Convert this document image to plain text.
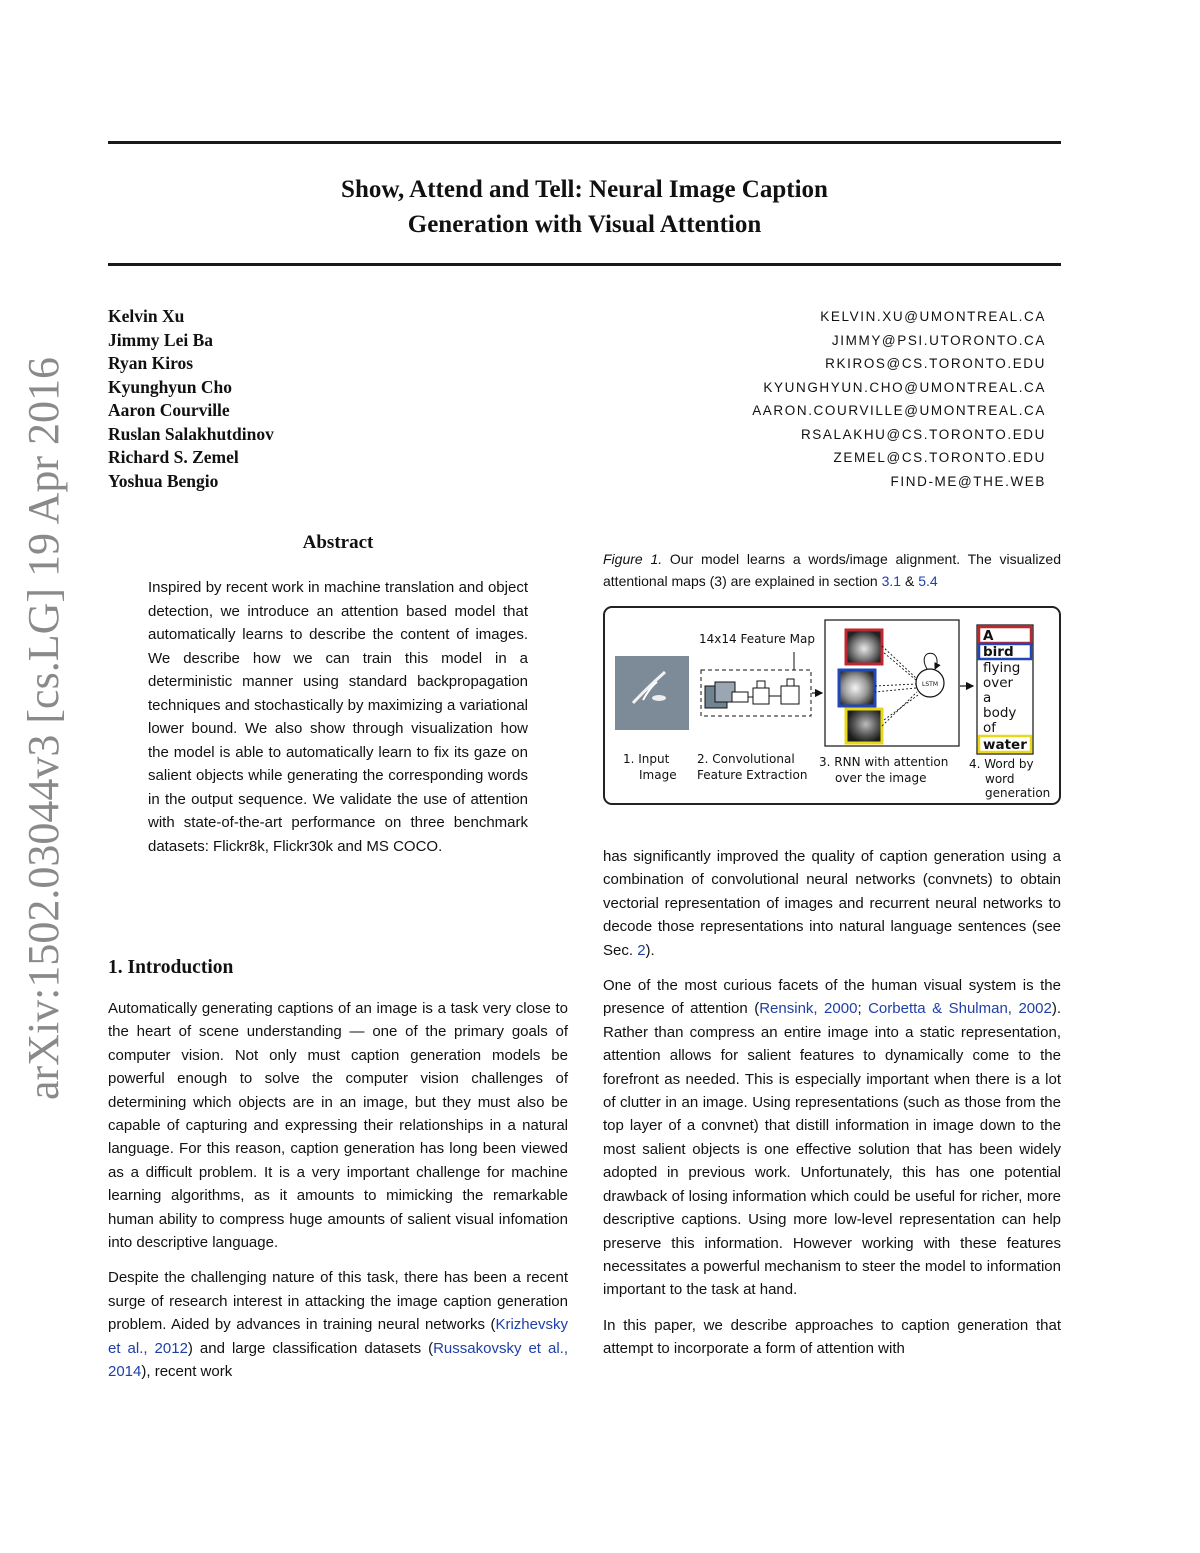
Show, Attend and Tell: Neural Image Caption
Generation with Visual Attention
arXiv:1502.03044v3 [cs.LG] 19 Apr 2016
Kelvin Xu	KELVIN.XU@UMONTREAL.CA
Jimmy Lei Ba	JIMMY@PSI.UTORONTO.CA
Ryan Kiros	RKIROS@CS.TORONTO.EDU
Kyunghyun Cho	KYUNGHYUN.CHO@UMONTREAL.CA
Aaron Courville	AARON.COURVILLE@UMONTREAL.CA
Ruslan Salakhutdinov	RSALAKHU@CS.TORONTO.EDU
Richard S. Zemel	ZEMEL@CS.TORONTO.EDU
Yoshua Bengio	FIND-ME@THE.WEB
Abstract
Inspired by recent work in machine translation and object detection, we introduce an attention based model that automatically learns to describe the content of images. We describe how we can train this model in a deterministic manner using standard backpropagation techniques and stochastically by maximizing a variational lower bound. We also show through visualization how the model is able to automatically learn to fix its gaze on salient objects while generating the corresponding words in the output sequence. We validate the use of attention with state-of-the-art performance on three benchmark datasets: Flickr8k, Flickr30k and MS COCO.
1. Introduction

Automatically generating captions of an image is a task very close to the heart of scene understanding — one of the primary goals of computer vision. Not only must caption generation models be powerful enough to solve the computer vision challenges of determining which objects are in an image, but they must also be capable of capturing and expressing their relationships in a natural language. For this reason, caption generation has long been viewed as a difficult problem. It is a very important challenge for machine learning algorithms, as it amounts to mimicking the remarkable human ability to compress huge amounts of salient visual infomation into descriptive language.

Despite the challenging nature of this task, there has been a recent surge of research interest in attacking the image caption generation problem. Aided by advances in training neural networks (Krizhevsky et al., 2012) and large classification datasets (Russakovsky et al., 2014), recent work

Figure 1. Our model learns a words/image alignment. The visualized attentional maps (3) are explained in section 3.1 & 5.4
1. Input
Image
14x14 Feature Map
2. Convolutional
Feature Extraction
LSTM
3. RNN with attention
over the image
A
bird
flying
over
a
body
of
water
4. Word by
word
generation

has significantly improved the quality of caption generation using a combination of convolutional neural networks (convnets) to obtain vectorial representation of images and recurrent neural networks to decode those representations into natural language sentences (see Sec. 2).

One of the most curious facets of the human visual system is the presence of attention (Rensink, 2000; Corbetta & Shulman, 2002). Rather than compress an entire image into a static representation, attention allows for salient features to dynamically come to the forefront as needed. This is especially important when there is a lot of clutter in an image. Using representations (such as those from the top layer of a convnet) that distill information in image down to the most salient objects is one effective solution that has been widely adopted in previous work. Unfortunately, this has one potential drawback of losing information which could be useful for richer, more descriptive captions. Using more low-level representation can help preserve this information. However working with these features necessitates a powerful mechanism to steer the model to information important to the task at hand.

In this paper, we describe approaches to caption generation that attempt to incorporate a form of attention with
